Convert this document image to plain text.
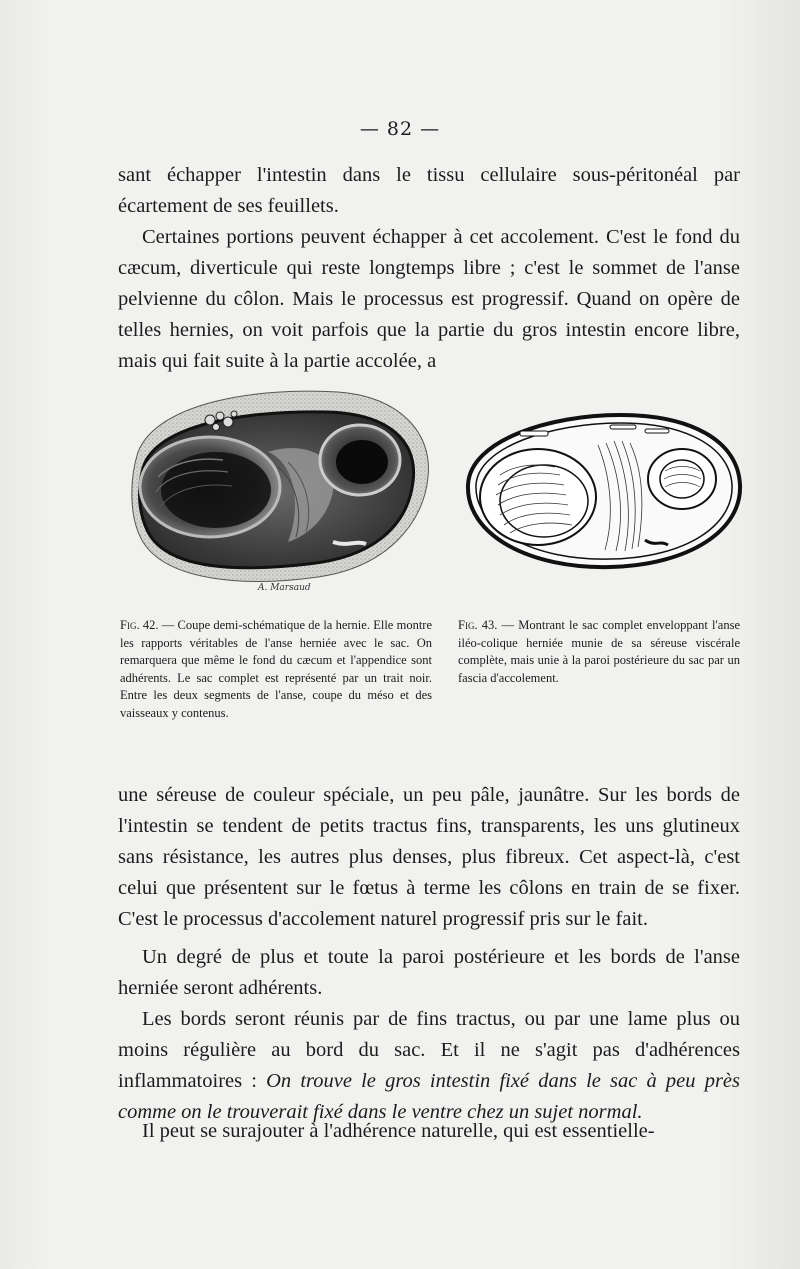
— 82 —

sant échapper l'intestin dans le tissu cellulaire sous-péritonéal par écartement de ses feuillets.

Certaines portions peuvent échapper à cet accolement. C'est le fond du cæcum, diverticule qui reste longtemps libre ; c'est le sommet de l'anse pelvienne du côlon. Mais le processus est progressif. Quand on opère de telles hernies, on voit parfois que la partie du gros intestin encore libre, mais qui fait suite à la partie accolée, a

A. Marsaud
Fig. 42. — Coupe demi-schématique de la hernie. Elle montre les rapports véritables de l'anse herniée avec le sac. On remarquera que même le fond du cæcum et l'appendice sont adhérents. Le sac complet est représenté par un trait noir. Entre les deux segments de l'anse, coupe du méso et des vaisseaux y contenus.
Fig. 43. — Montrant le sac complet enveloppant l'anse iléo-colique herniée munie de sa séreuse viscérale complète, mais unie à la paroi postérieure du sac par un fascia d'accolement.

une séreuse de couleur spéciale, un peu pâle, jaunâtre. Sur les bords de l'intestin se tendent de petits tractus fins, transparents, les uns glutineux sans résistance, les autres plus denses, plus fibreux. Cet aspect-là, c'est celui que présentent sur le fœtus à terme les côlons en train de se fixer. C'est le processus d'accolement naturel progressif pris sur le fait.

Un degré de plus et toute la paroi postérieure et les bords de l'anse herniée seront adhérents.

Les bords seront réunis par de fins tractus, ou par une lame plus ou moins régulière au bord du sac. Et il ne s'agit pas d'adhérences inflammatoires : On trouve le gros intestin fixé dans le sac à peu près comme on le trouverait fixé dans le ventre chez un sujet normal.

Il peut se surajouter à l'adhérence naturelle, qui est essentielle-
